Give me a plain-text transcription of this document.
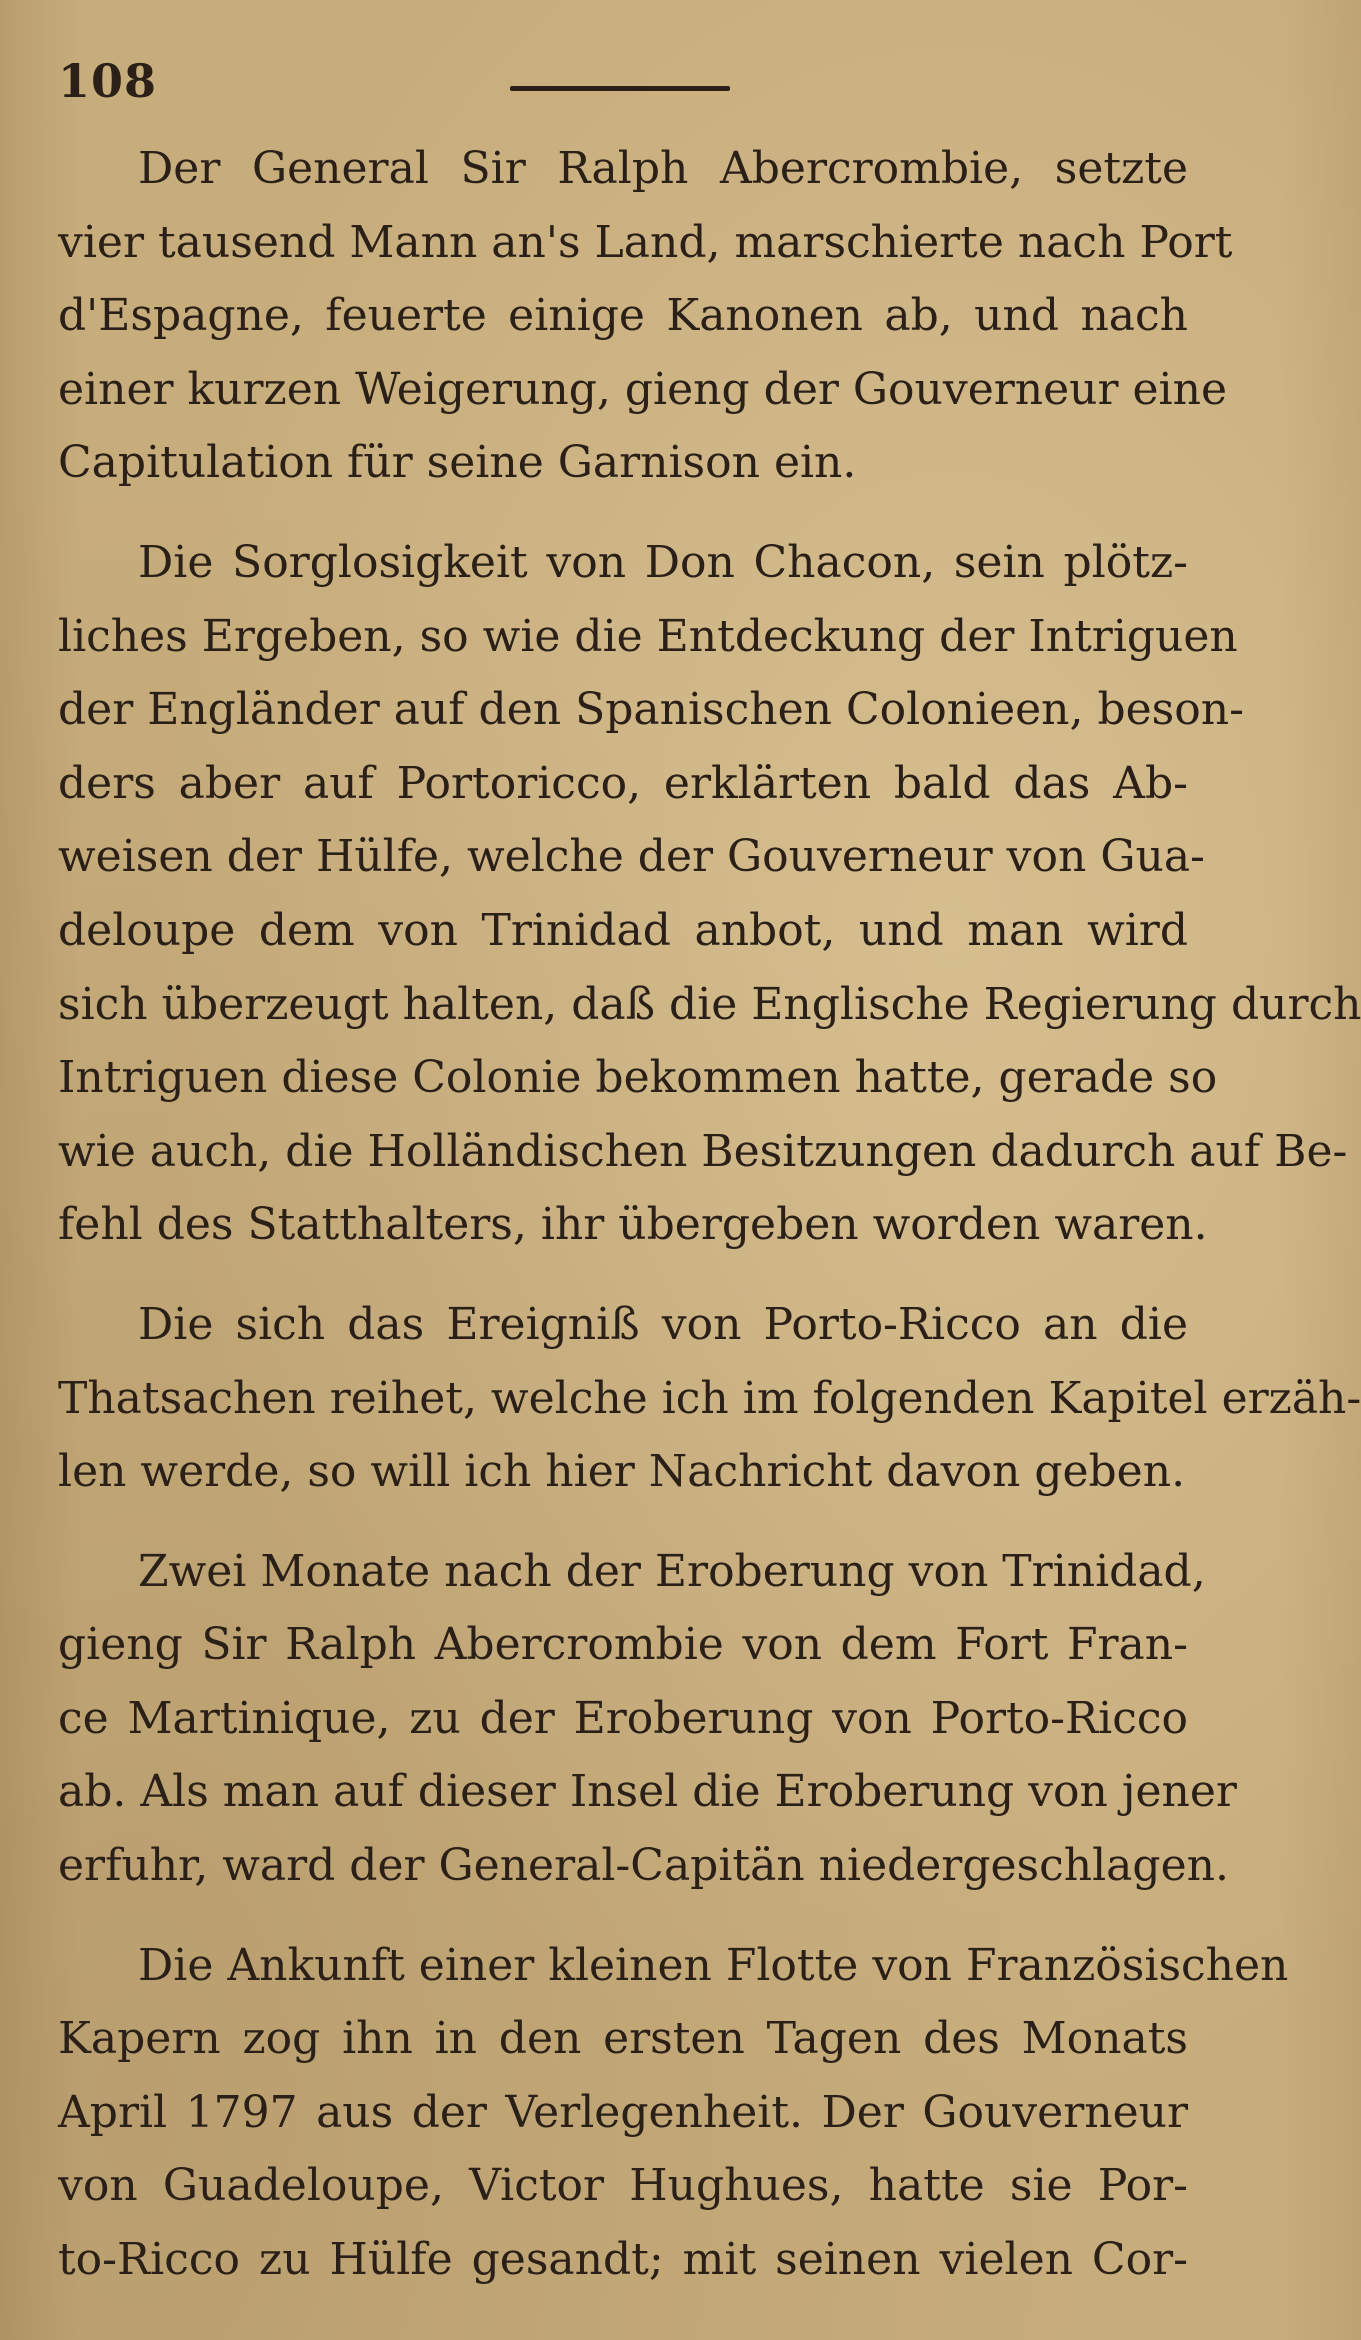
108

Der General Sir Ralph Abercrombie, setzte
vier tausend Mann an's Land, marschierte nach Port
d'Espagne, feuerte einige Kanonen ab, und nach
einer kurzen Weigerung, gieng der Gouverneur eine
Capitulation für seine Garnison ein.

Die Sorglosigkeit von Don Chacon, sein plötz-
liches Ergeben, so wie die Entdeckung der Intriguen
der Engländer auf den Spanischen Colonieen, beson-
ders aber auf Portoricco, erklärten bald das Ab-
weisen der Hülfe, welche der Gouverneur von Gua-
deloupe dem von Trinidad anbot, und man wird
sich überzeugt halten, daß die Englische Regierung durch
Intriguen diese Colonie bekommen hatte, gerade so
wie auch, die Holländischen Besitzungen dadurch auf Be-
fehl des Statthalters, ihr übergeben worden waren.

Die sich das Ereigniß von Porto-Ricco an die
Thatsachen reihet, welche ich im folgenden Kapitel erzäh-
len werde, so will ich hier Nachricht davon geben.

Zwei Monate nach der Eroberung von Trinidad,
gieng Sir Ralph Abercrombie von dem Fort Fran-
ce Martinique, zu der Eroberung von Porto-Ricco
ab. Als man auf dieser Insel die Eroberung von jener
erfuhr, ward der General-Capitän niedergeschlagen.

Die Ankunft einer kleinen Flotte von Französischen
Kapern zog ihn in den ersten Tagen des Monats
April 1797 aus der Verlegenheit. Der Gouverneur
von Guadeloupe, Victor Hughues, hatte sie Por-
to-Ricco zu Hülfe gesandt; mit seinen vielen Cor-
